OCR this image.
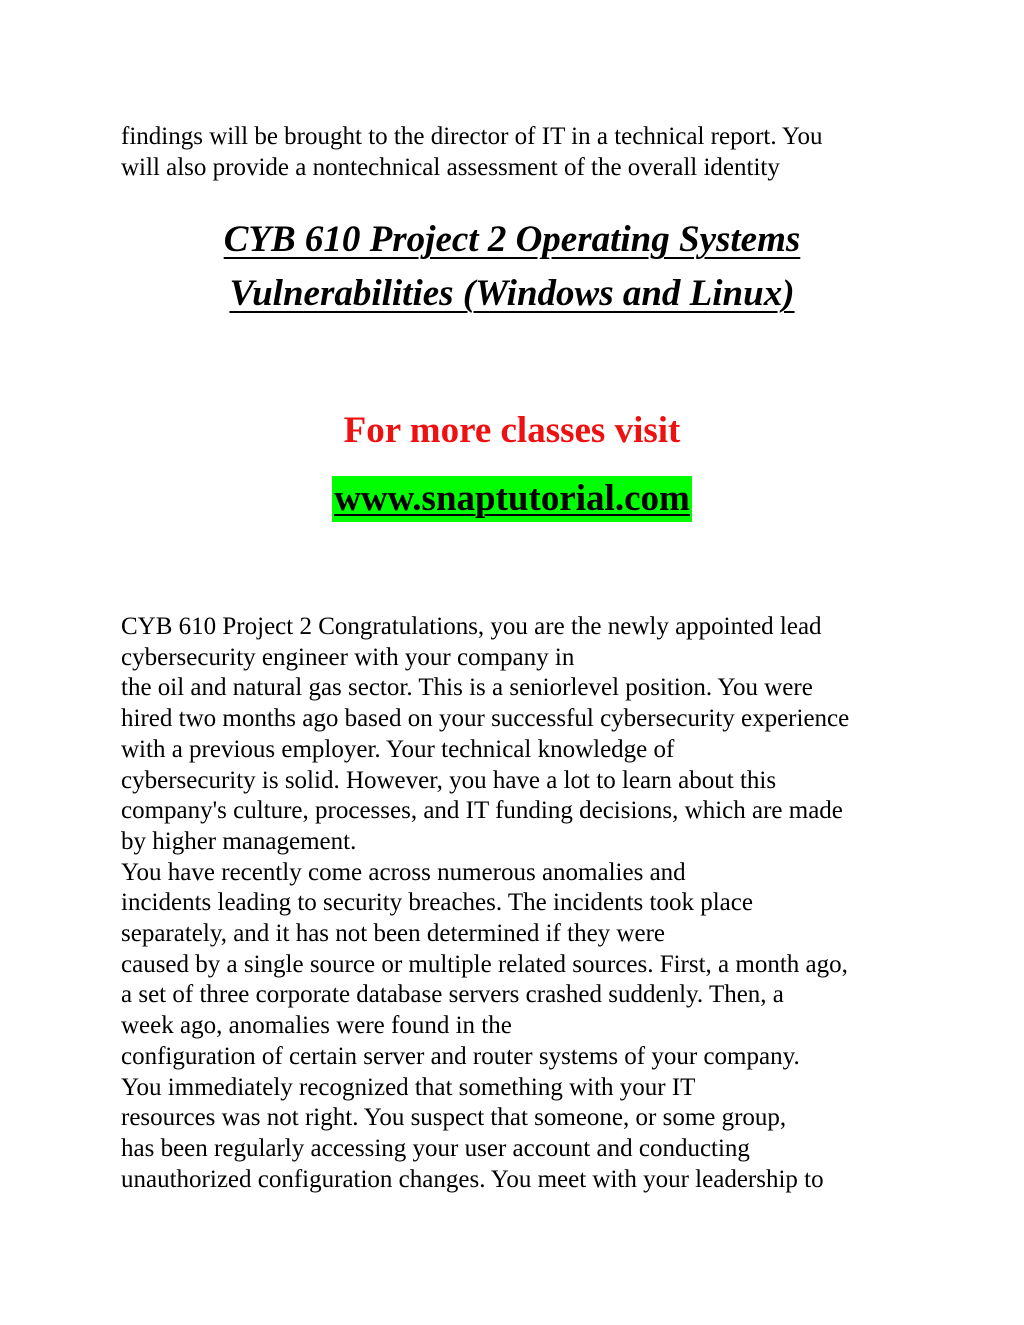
findings will be brought to the director of IT in a technical report. You
will also provide a nontechnical assessment of the overall identity

CYB 610 Project 2 Operating Systems
Vulnerabilities (Windows and Linux)

For more classes visit

www.snaptutorial.com

CYB 610 Project 2 Congratulations, you are the newly appointed lead
cybersecurity engineer with your company in
the oil and natural gas sector. This is a seniorlevel position. You were
hired two months ago based on your successful cybersecurity experience
with a previous employer. Your technical knowledge of
cybersecurity is solid. However, you have a lot to learn about this
company's culture, processes, and IT funding decisions, which are made
by higher management.
You have recently come across numerous anomalies and
incidents leading to security breaches. The incidents took place
separately, and it has not been determined if they were
caused by a single source or multiple related sources. First, a month ago,
a set of three corporate database servers crashed suddenly. Then, a
week ago, anomalies were found in the
configuration of certain server and router systems of your company.
You immediately recognized that something with your IT
resources was not right. You suspect that someone, or some group,
has been regularly accessing your user account and conducting
unauthorized configuration changes. You meet with your leadership to
